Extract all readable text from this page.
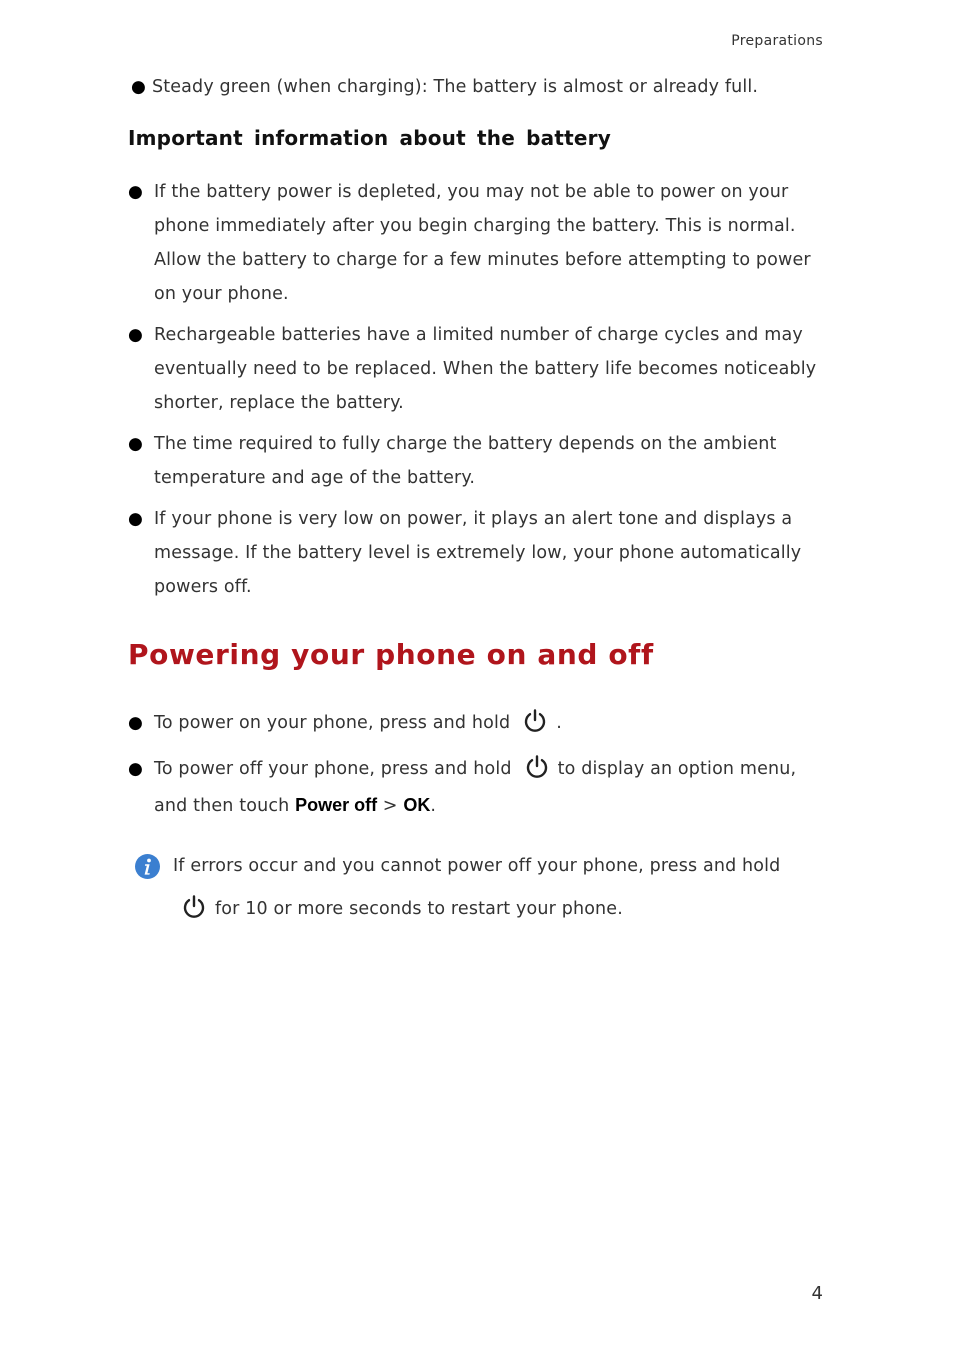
Preparations
● Steady green (when charging): The battery is almost or already full.
Important information about the battery
● If the battery power is depleted, you may not be able to power on your phone immediately after you begin charging the battery. This is normal. Allow the battery to charge for a few minutes before attempting to power on your phone.
● Rechargeable batteries have a limited number of charge cycles and may eventually need to be replaced. When the battery life becomes noticeably shorter, replace the battery.
● The time required to fully charge the battery depends on the ambient temperature and age of the battery.
● If your phone is very low on power, it plays an alert tone and displays a message. If the battery level is extremely low, your phone automatically powers off.
Powering your phone on and off
● To power on your phone, press and hold	.
● To power off your phone, press and hold	to display an option menu,
and then touch Power off > OK.
If errors occur and you cannot power off your phone, press and hold
for 10 or more seconds to restart your phone.
4
